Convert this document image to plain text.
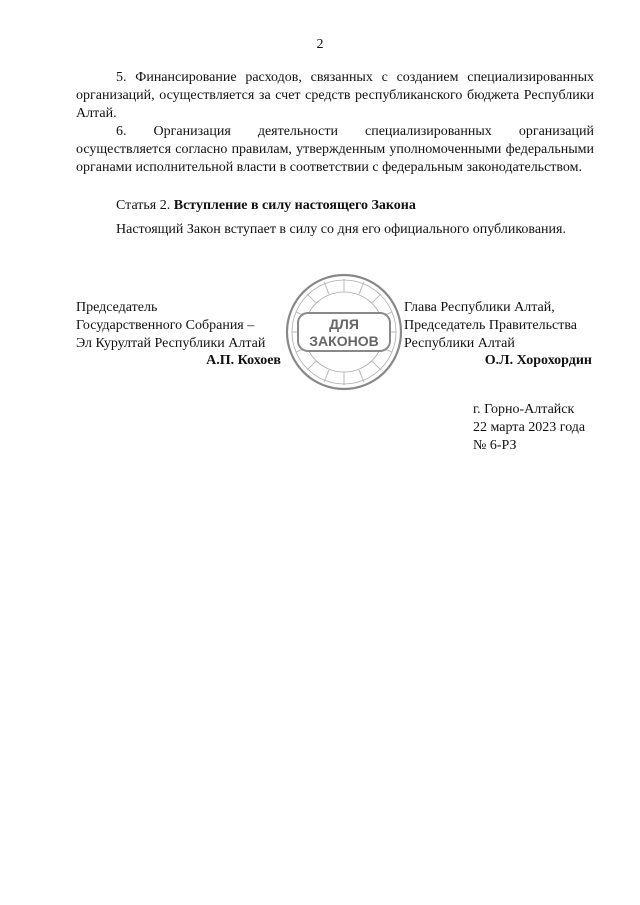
2

5. Финансирование расходов, связанных с созданием специализированных организаций, осуществляется за счет средств республиканского бюджета Республики Алтай.

6. Организация деятельности специализированных организаций осуществляется согласно правилам, утвержденным уполномоченными федеральными органами исполнительной власти в соответствии с федеральным законодательством.

Статья 2. Вступление в силу настоящего Закона

Настоящий Закон вступает в силу со дня его официального опубликования.

Председатель
Государственного Собрания –
Эл Курултай Республики Алтай
А.П. Кохоев
Глава Республики Алтай,
Председатель Правительства
Республики Алтай
О.Л. Хорохордин
ДЛЯ
ЗАКОНОВ
г. Горно-Алтайск
22 марта 2023 года
№ 6-РЗ
